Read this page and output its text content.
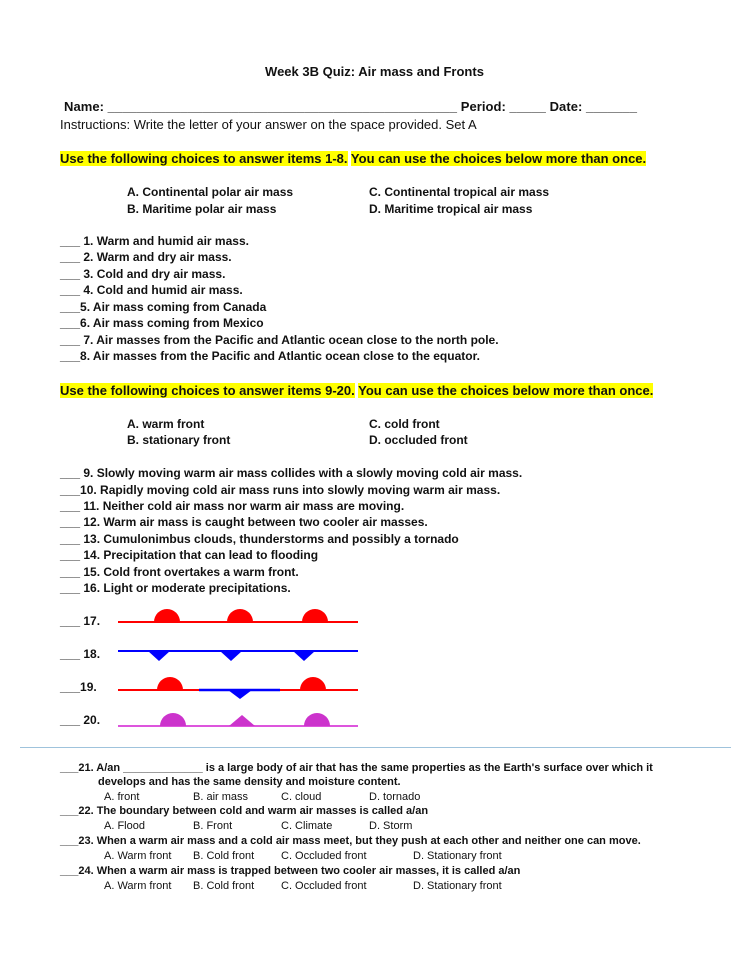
Week 3B Quiz: Air mass and Fronts
Name: ________________________________________________ Period: _____ Date: _______
Instructions: Write the letter of your answer on the space provided. Set A
Use the following choices to answer items 1-8. You can use the choices below more than once.
A. Continental polar air mass
B. Maritime polar air mass
C. Continental tropical air mass
D. Maritime tropical air mass
___ 1. Warm and humid air mass.
___ 2. Warm and dry air mass.
___ 3. Cold and dry air mass.
___ 4. Cold and humid air mass.
___5. Air mass coming from Canada
___6. Air mass coming from Mexico
___ 7. Air masses from the Pacific and Atlantic ocean close to the north pole.
___8. Air masses from the Pacific and Atlantic ocean close to the equator.
Use the following choices to answer items 9-20. You can use the choices below more than once.
A. warm front
B. stationary front
C. cold front
D. occluded front
___ 9. Slowly moving warm air mass collides with a slowly moving cold air mass.
___10. Rapidly moving cold air mass runs into slowly moving warm air mass.
___ 11. Neither cold air mass nor warm air mass are moving.
___ 12. Warm air mass is caught between two cooler air masses.
___ 13. Cumulonimbus clouds, thunderstorms and possibly a tornado
___ 14. Precipitation that can lead to flooding
___ 15. Cold front overtakes a warm front.
___ 16. Light or moderate precipitations.
___ 17.
___ 18.
___19.
___ 20.
___21. A/an _____________ is a large body of air that has the same properties as the Earth's surface over which it
develops and has the same density and moisture content.
A. front	B. air mass	C. cloud	D. tornado
___22. The boundary between cold and warm air masses is called a/an
A. Flood	B. Front	C. Climate	D. Storm
___23. When a warm air mass and a cold air mass meet, but they push at each other and neither one can move.
A. Warm front B. Cold front C. Occluded front	D. Stationary front
___24. When a warm air mass is trapped between two cooler air masses, it is called a/an
A. Warm front B. Cold front C. Occluded front	D. Stationary front
